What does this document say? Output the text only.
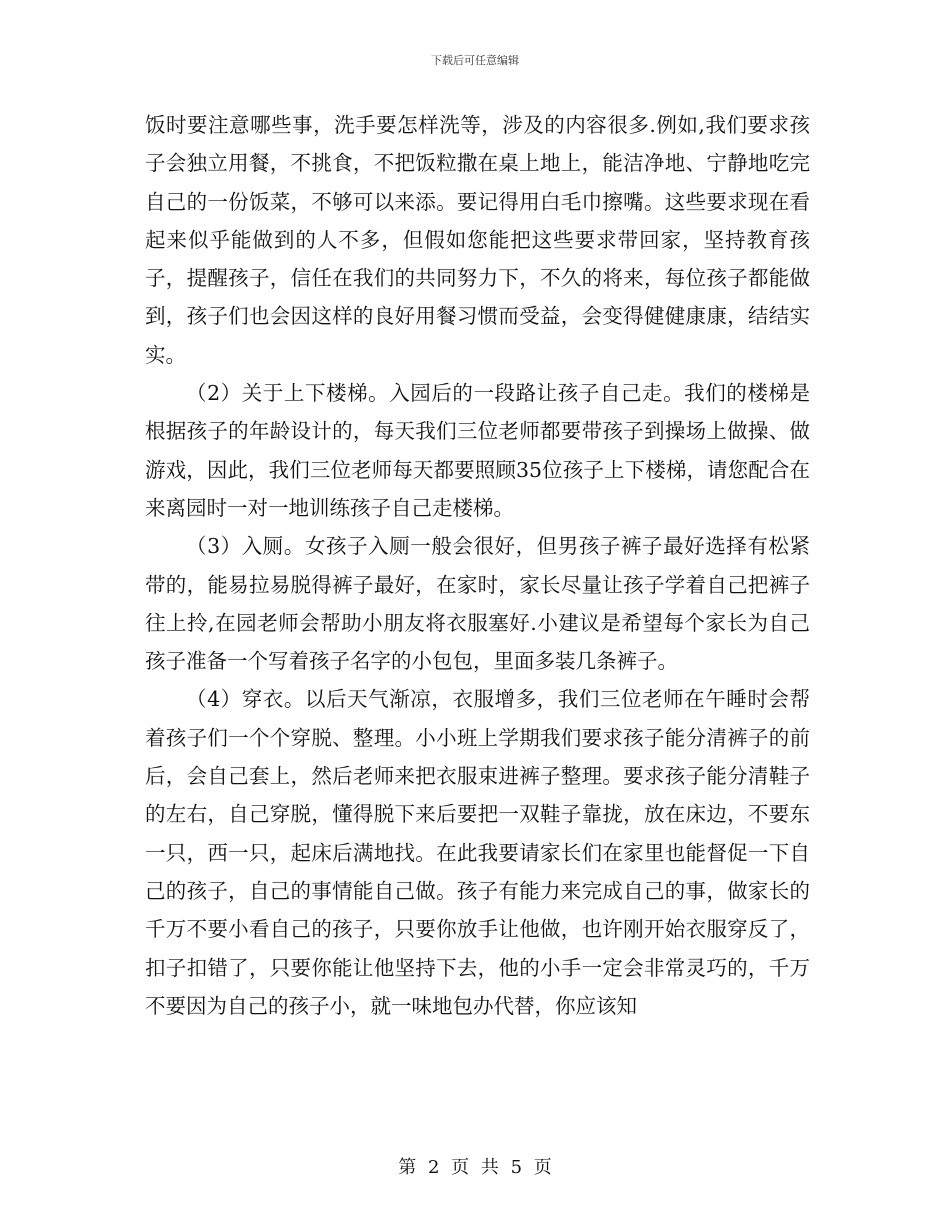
下载后可任意编辑

饭时要注意哪些事，洗手要怎样洗等，涉及的内容很多.例如,我们要求孩子会独立用餐，不挑食，不把饭粒撒在桌上地上，能洁净地、宁静地吃完自己的一份饭菜，不够可以来添。要记得用白毛巾擦嘴。这些要求现在看起来似乎能做到的人不多，但假如您能把这些要求带回家，坚持教育孩子，提醒孩子，信任在我们的共同努力下，不久的将来，每位孩子都能做到，孩子们也会因这样的良好用餐习惯而受益，会变得健健康康，结结实实。

（2）关于上下楼梯。入园后的一段路让孩子自己走。我们的楼梯是根据孩子的年龄设计的，每天我们三位老师都要带孩子到操场上做操、做游戏，因此，我们三位老师每天都要照顾35位孩子上下楼梯，请您配合在来离园时一对一地训练孩子自己走楼梯。

（3）入厕。女孩子入厕一般会很好，但男孩子裤子最好选择有松紧带的，能易拉易脱得裤子最好，在家时，家长尽量让孩子学着自己把裤子往上拎,在园老师会帮助小朋友将衣服塞好.小建议是希望每个家长为自己孩子准备一个写着孩子名字的小包包，里面多装几条裤子。

（4）穿衣。以后天气渐凉，衣服增多，我们三位老师在午睡时会帮着孩子们一个个穿脱、整理。小小班上学期我们要求孩子能分清裤子的前后，会自己套上，然后老师来把衣服束进裤子整理。要求孩子能分清鞋子的左右，自己穿脱，懂得脱下来后要把一双鞋子靠拢，放在床边，不要东一只，西一只，起床后满地找。在此我要请家长们在家里也能督促一下自己的孩子，自己的事情能自己做。孩子有能力来完成自己的事，做家长的千万不要小看自己的孩子，只要你放手让他做，也许刚开始衣服穿反了，扣子扣错了，只要你能让他坚持下去，他的小手一定会非常灵巧的，千万不要因为自己的孩子小，就一味地包办代替，你应该知

第 2 页 共 5 页
